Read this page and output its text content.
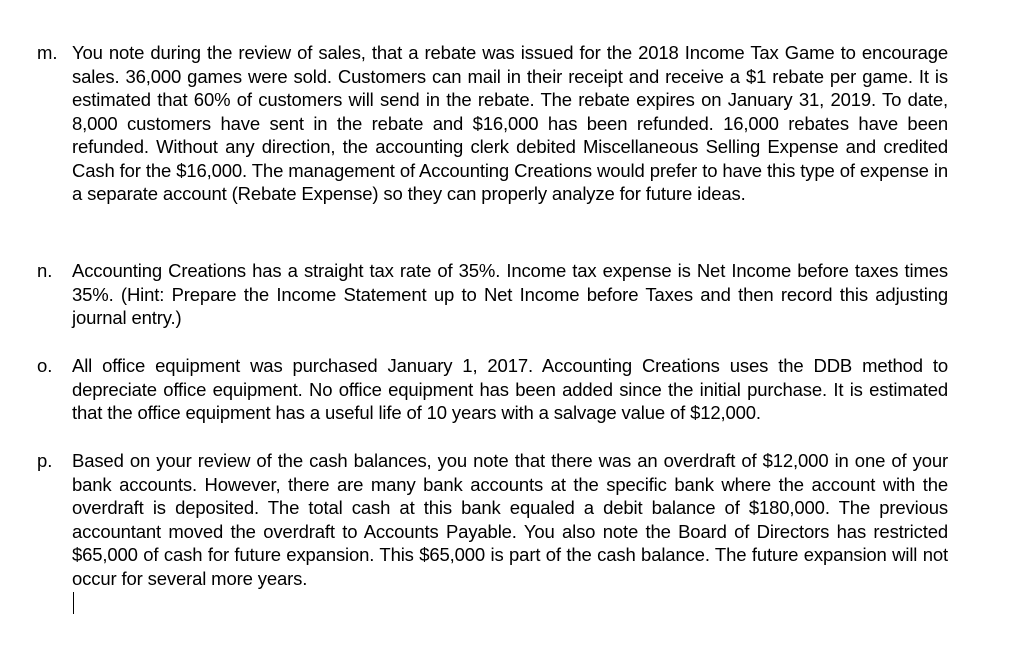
m. You note during the review of sales, that a rebate was issued for the 2018 Income Tax Game to encourage sales. 36,000 games were sold. Customers can mail in their receipt and receive a $1 rebate per game. It is estimated that 60% of customers will send in the rebate. The rebate expires on January 31, 2019. To date, 8,000 customers have sent in the rebate and $16,000 has been refunded. 16,000 rebates have been refunded. Without any direction, the accounting clerk debited Miscellaneous Selling Expense and credited Cash for the $16,000. The management of Accounting Creations would prefer to have this type of expense in a separate account (Rebate Expense) so they can properly analyze for future ideas.
n. Accounting Creations has a straight tax rate of 35%. Income tax expense is Net Income before taxes times 35%. (Hint: Prepare the Income Statement up to Net Income before Taxes and then record this adjusting journal entry.)
o. All office equipment was purchased January 1, 2017. Accounting Creations uses the DDB method to depreciate office equipment. No office equipment has been added since the initial purchase. It is estimated that the office equipment has a useful life of 10 years with a salvage value of $12,000.
p. Based on your review of the cash balances, you note that there was an overdraft of $12,000 in one of your bank accounts. However, there are many bank accounts at the specific bank where the account with the overdraft is deposited. The total cash at this bank equaled a debit balance of $180,000. The previous accountant moved the overdraft to Accounts Payable. You also note the Board of Directors has restricted $65,000 of cash for future expansion. This $65,000 is part of the cash balance. The future expansion will not occur for several more years.
